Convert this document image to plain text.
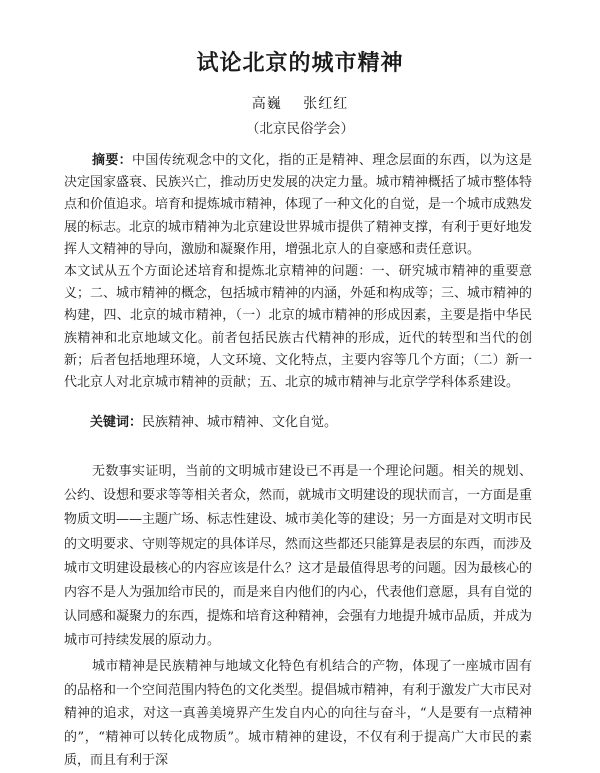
试论北京的城市精神
高巍 张红红
（北京民俗学会）

摘要：中国传统观念中的文化，指的正是精神、理念层面的东西，以为这是决定国家盛衰、民族兴亡，推动历史发展的决定力量。城市精神概括了城市整体特点和价值追求。培育和提炼城市精神，体现了一种文化的自觉，是一个城市成熟发展的标志。北京的城市精神为北京建设世界城市提供了精神支撑，有利于更好地发挥人文精神的导向，激励和凝聚作用，增强北京人的自豪感和责任意识。

本文试从五个方面论述培育和提炼北京精神的问题：一、研究城市精神的重要意义；二、城市精神的概念，包括城市精神的内涵，外延和构成等；三、城市精神的构建，四、北京的城市精神，（一）北京的城市精神的形成因素，主要是指中华民族精神和北京地域文化。前者包括民族古代精神的形成，近代的转型和当代的创新；后者包括地理环境，人文环境、文化特点，主要内容等几个方面；（二）新一代北京人对北京城市精神的贡献；五、北京的城市精神与北京学学科体系建设。

关键词：民族精神、城市精神、文化自觉。

无数事实证明，当前的文明城市建设已不再是一个理论问题。相关的规划、公约、设想和要求等等相关者众，然而，就城市文明建设的现状而言，一方面是重物质文明——主题广场、标志性建设、城市美化等的建设；另一方面是对文明市民的文明要求、守则等规定的具体详尽，然而这些都还只能算是表层的东西，而涉及城市文明建设最核心的内容应该是什么？这才是最值得思考的问题。因为最核心的内容不是人为强加给市民的，而是来自内他们的内心，代表他们意愿，具有自觉的认同感和凝聚力的东西，提炼和培育这种精神，会强有力地提升城市品质，并成为城市可持续发展的原动力。

城市精神是民族精神与地域文化特色有机结合的产物，体现了一座城市固有的品格和一个空间范围内特色的文化类型。提倡城市精神，有利于激发广大市民对精神的追求，对这一真善美境界产生发自内心的向往与奋斗，“人是要有一点精神的”，“精神可以转化成物质”。城市精神的建设，不仅有利于提高广大市民的素质，而且有利于深
